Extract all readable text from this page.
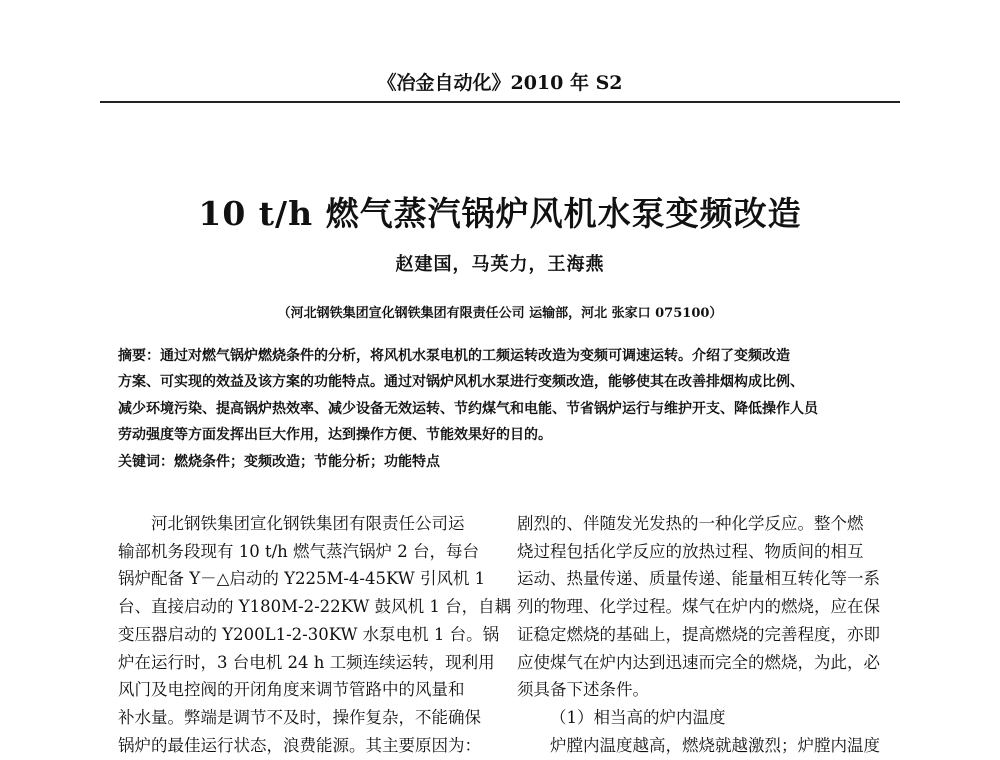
《冶金自动化》2010 年 S2
10 t/h 燃气蒸汽锅炉风机水泵变频改造
赵建国，马英力，王海燕
（河北钢铁集团宣化钢铁集团有限责任公司 运输部，河北 张家口 075100）
摘要：通过对燃气锅炉燃烧条件的分析，将风机水泵电机的工频运转改造为变频可调速运转。介绍了变频改造
方案、可实现的效益及该方案的功能特点。通过对锅炉风机水泵进行变频改造，能够使其在改善排烟构成比例、
减少环境污染、提高锅炉热效率、减少设备无效运转、节约煤气和电能、节省锅炉运行与维护开支、降低操作人员
劳动强度等方面发挥出巨大作用，达到操作方便、节能效果好的目的。
关键词：燃烧条件；变频改造；节能分析；功能特点
河北钢铁集团宣化钢铁集团有限责任公司运
输部机务段现有 10 t/h 燃气蒸汽锅炉 2 台，每台
锅炉配备 Y－△启动的 Y225M-4-45KW 引风机 1
台、直接启动的 Y180M-2-22KW 鼓风机 1 台，自耦
变压器启动的 Y200L1-2-30KW 水泵电机 1 台。锅
炉在运行时，3 台电机 24 h 工频连续运转，现利用
风门及电控阀的开闭角度来调节管路中的风量和
补水量。弊端是调节不及时，操作复杂，不能确保
锅炉的最佳运行状态，浪费能源。其主要原因为：
剧烈的、伴随发光发热的一种化学反应。整个燃
烧过程包括化学反应的放热过程、物质间的相互
运动、热量传递、质量传递、能量相互转化等一系
列的物理、化学过程。煤气在炉内的燃烧，应在保
证稳定燃烧的基础上，提高燃烧的完善程度，亦即
应使煤气在炉内达到迅速而完全的燃烧，为此，必
须具备下述条件。
（1）相当高的炉内温度
炉膛内温度越高，燃烧就越激烈；炉膛内温度
